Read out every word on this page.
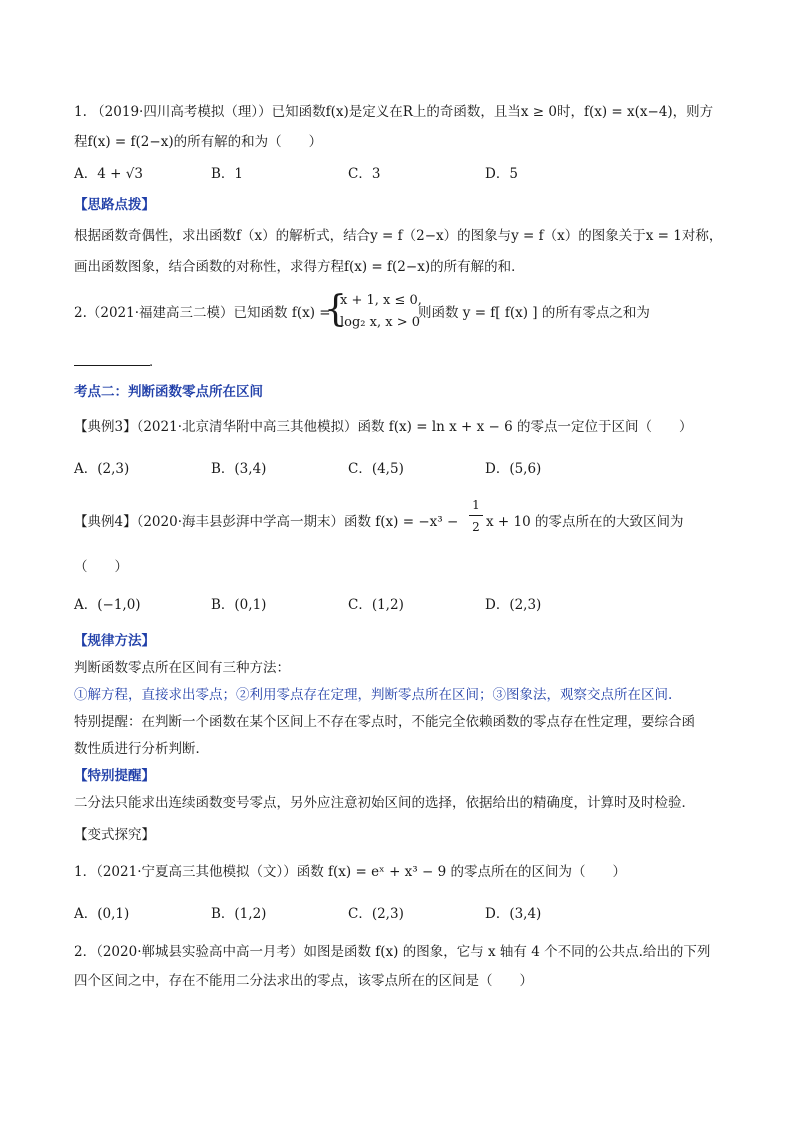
1. （2019·四川高考模拟（理））已知函数f(x)是定义在R上的奇函数，且当x ≥ 0时，f(x) = x(x−4)，则方
程f(x) = f(2−x)的所有解的和为（　　）
A．4 + √3	B．1	C．3	D．5
【思路点拨】
根据函数奇偶性，求出函数f（x）的解析式，结合y = f（2−x）的图象与y = f（x）的图象关于x = 1对称，
画出函数图象，结合函数的对称性，求得方程f(x) = f(2−x)的所有解的和．
2.（2021·福建高三二模）已知函数 f(x) =
{
x + 1, x ≤ 0,
log₂ x, x > 0
则函数 y = f[ f(x) ] 的所有零点之和为
.
考点二：判断函数零点所在区间
【典例3】（2021·北京清华附中高三其他模拟）函数 f(x) = ln x + x − 6 的零点一定位于区间（　　）
A．(2,3)	B．(3,4)	C．(4,5)	D．(5,6)
【典例4】（2020·海丰县彭湃中学高一期末）函数 f(x) = −x³ −
1
2 x + 10 的零点所在的大致区间为
（　　）
A．(−1,0)	B．(0,1)	C．(1,2)	D．(2,3)
【规律方法】
判断函数零点所在区间有三种方法：
①解方程，直接求出零点；②利用零点存在定理，判断零点所在区间；③图象法，观察交点所在区间.
特别提醒：在判断一个函数在某个区间上不存在零点时，不能完全依赖函数的零点存在性定理，要综合函
数性质进行分析判断．
【特别提醒】
二分法只能求出连续函数变号零点，另外应注意初始区间的选择，依据给出的精确度，计算时及时检验．
【变式探究】
1．（2021·宁夏高三其他模拟（文））函数 f(x) = eˣ + x³ − 9 的零点所在的区间为（　　）
A．(0,1)	B．(1,2)	C．(2,3)	D．(3,4)
2．（2020·郸城县实验高中高一月考）如图是函数 f(x) 的图象，它与 x 轴有 4 个不同的公共点.给出的下列
四个区间之中，存在不能用二分法求出的零点，该零点所在的区间是（　　）
